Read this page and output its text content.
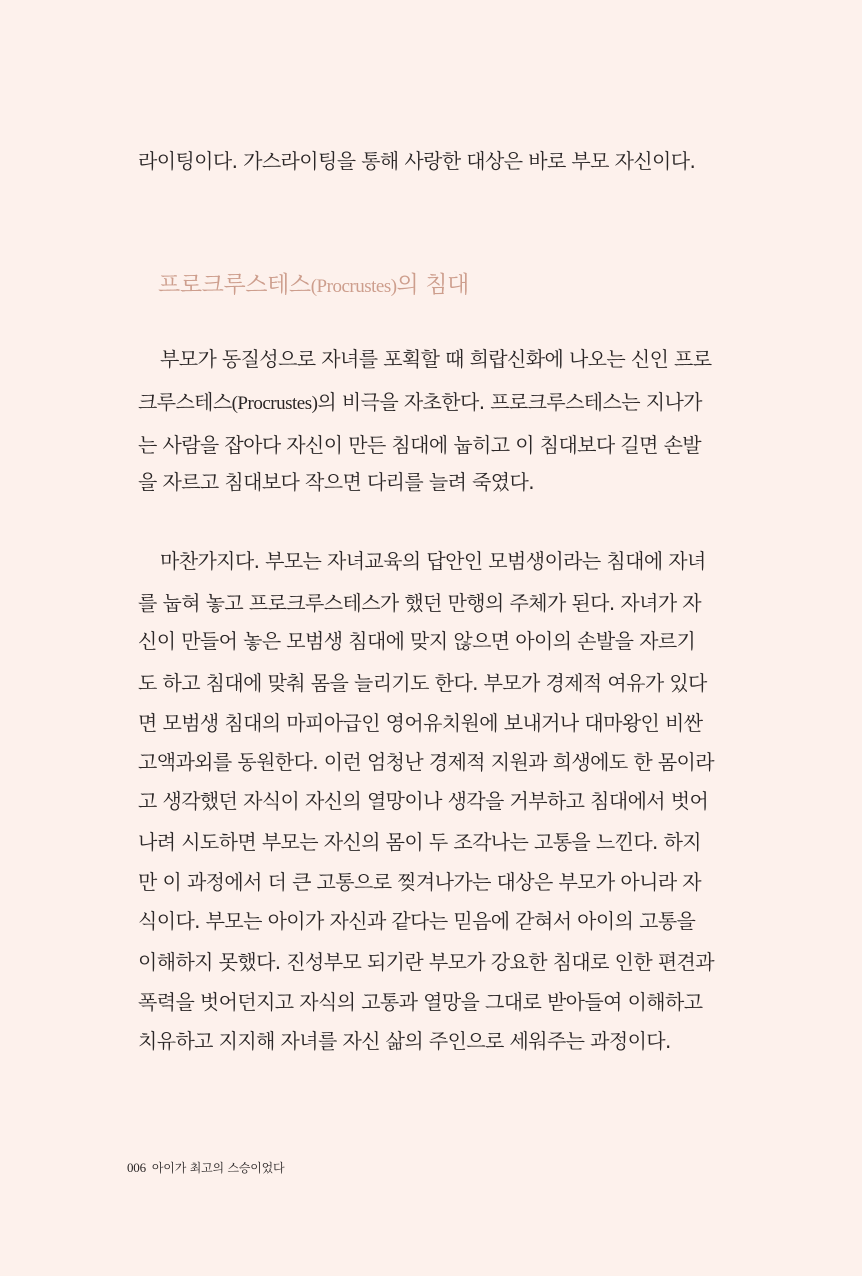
라이팅이다. 가스라이팅을 통해 사랑한 대상은 바로 부모 자신이다.

프로크루스테스(Procrustes)의 침대

부모가 동질성으로 자녀를 포획할 때 희랍신화에 나오는 신인 프로

크루스테스(Procrustes)의 비극을 자초한다. 프로크루스테스는 지나가

는 사람을 잡아다 자신이 만든 침대에 눕히고 이 침대보다 길면 손발

을 자르고 침대보다 작으면 다리를 늘려 죽였다.

마찬가지다. 부모는 자녀교육의 답안인 모범생이라는 침대에 자녀

를 눕혀 놓고 프로크루스테스가 했던 만행의 주체가 된다. 자녀가 자

신이 만들어 놓은 모범생 침대에 맞지 않으면 아이의 손발을 자르기

도 하고 침대에 맞춰 몸을 늘리기도 한다. 부모가 경제적 여유가 있다

면 모범생 침대의 마피아급인 영어유치원에 보내거나 대마왕인 비싼

고액과외를 동원한다. 이런 엄청난 경제적 지원과 희생에도 한 몸이라

고 생각했던 자식이 자신의 열망이나 생각을 거부하고 침대에서 벗어

나려 시도하면 부모는 자신의 몸이 두 조각나는 고통을 느낀다. 하지

만 이 과정에서 더 큰 고통으로 찢겨나가는 대상은 부모가 아니라 자

식이다. 부모는 아이가 자신과 같다는 믿음에 갇혀서 아이의 고통을

이해하지 못했다. 진성부모 되기란 부모가 강요한 침대로 인한 편견과

폭력을 벗어던지고 자식의 고통과 열망을 그대로 받아들여 이해하고

치유하고 지지해 자녀를 자신 삶의 주인으로 세워주는 과정이다.

006 아이가 최고의 스승이었다
